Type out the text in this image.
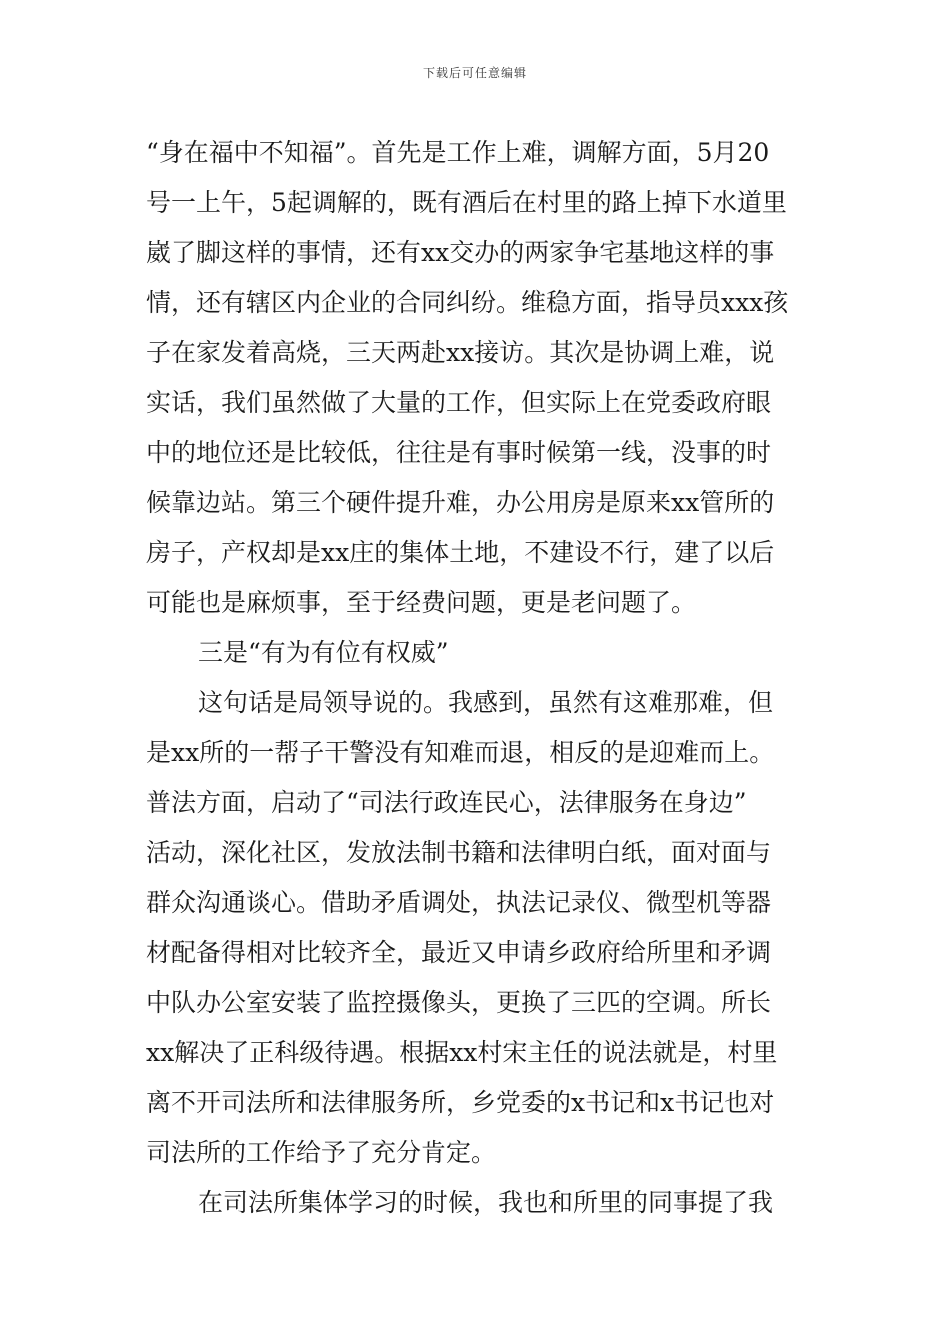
下载后可任意编辑
“身在福中不知福”。首先是工作上难，调解方面，5月20
号一上午，5起调解的，既有酒后在村里的路上掉下水道里
崴了脚这样的事情，还有xx交办的两家争宅基地这样的事
情，还有辖区内企业的合同纠纷。维稳方面，指导员xxx孩
子在家发着高烧，三天两赴xx接访。其次是协调上难，说
实话，我们虽然做了大量的工作，但实际上在党委政府眼
中的地位还是比较低，往往是有事时候第一线，没事的时
候靠边站。第三个硬件提升难，办公用房是原来xx管所的
房子，产权却是xx庄的集体土地，不建设不行，建了以后
可能也是麻烦事，至于经费问题，更是老问题了。
三是“有为有位有权威”
这句话是局领导说的。我感到，虽然有这难那难，但
是xx所的一帮子干警没有知难而退，相反的是迎难而上。
普法方面，启动了“司法行政连民心，法律服务在身边”
活动，深化社区，发放法制书籍和法律明白纸，面对面与
群众沟通谈心。借助矛盾调处，执法记录仪、微型机等器
材配备得相对比较齐全，最近又申请乡政府给所里和矛调
中队办公室安装了监控摄像头，更换了三匹的空调。所长
xx解决了正科级待遇。根据xx村宋主任的说法就是，村里
离不开司法所和法律服务所，乡党委的x书记和x书记也对
司法所的工作给予了充分肯定。
在司法所集体学习的时候，我也和所里的同事提了我
